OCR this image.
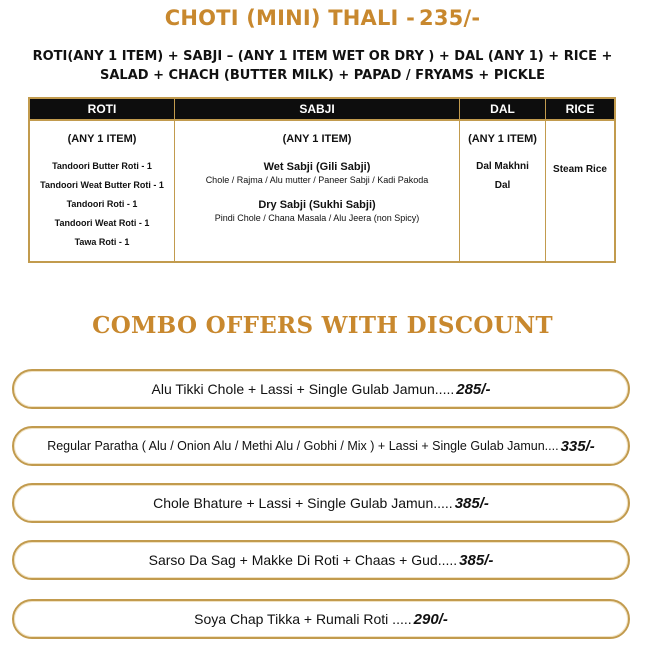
CHOTI (MINI) THALI - 235/-
ROTI(ANY 1 ITEM) + SABJI – (ANY 1 ITEM WET OR DRY ) + DAL (ANY 1) + RICE +
SALAD + CHACH (BUTTER MILK) + PAPAD / FRYAMS + PICKLE
ROTI
(ANY 1 ITEM)
Tandoori Butter Roti - 1
Tandoori Weat Butter Roti - 1
Tandoori Roti - 1
Tandoori Weat Roti - 1
Tawa Roti - 1
SABJI
(ANY 1 ITEM)
Wet Sabji (Gili Sabji)
Chole / Rajma / Alu mutter / Paneer Sabji / Kadi Pakoda
Dry Sabji (Sukhi Sabji)
Pindi Chole / Chana Masala / Alu Jeera (non Spicy)
DAL
(ANY 1 ITEM)
Dal Makhni
Dal
RICE
Steam Rice
COMBO OFFERS WITH DISCOUNT
Alu Tikki Chole + Lassi + Single Gulab Jamun..... 285/-
Regular Paratha ( Alu / Onion Alu / Methi Alu / Gobhi / Mix ) + Lassi + Single Gulab Jamun.... 335/-
Chole Bhature + Lassi + Single Gulab Jamun..... 385/-
Sarso Da Sag + Makke Di Roti + Chaas + Gud..... 385/-
Soya Chap Tikka + Rumali Roti ..... 290/-
